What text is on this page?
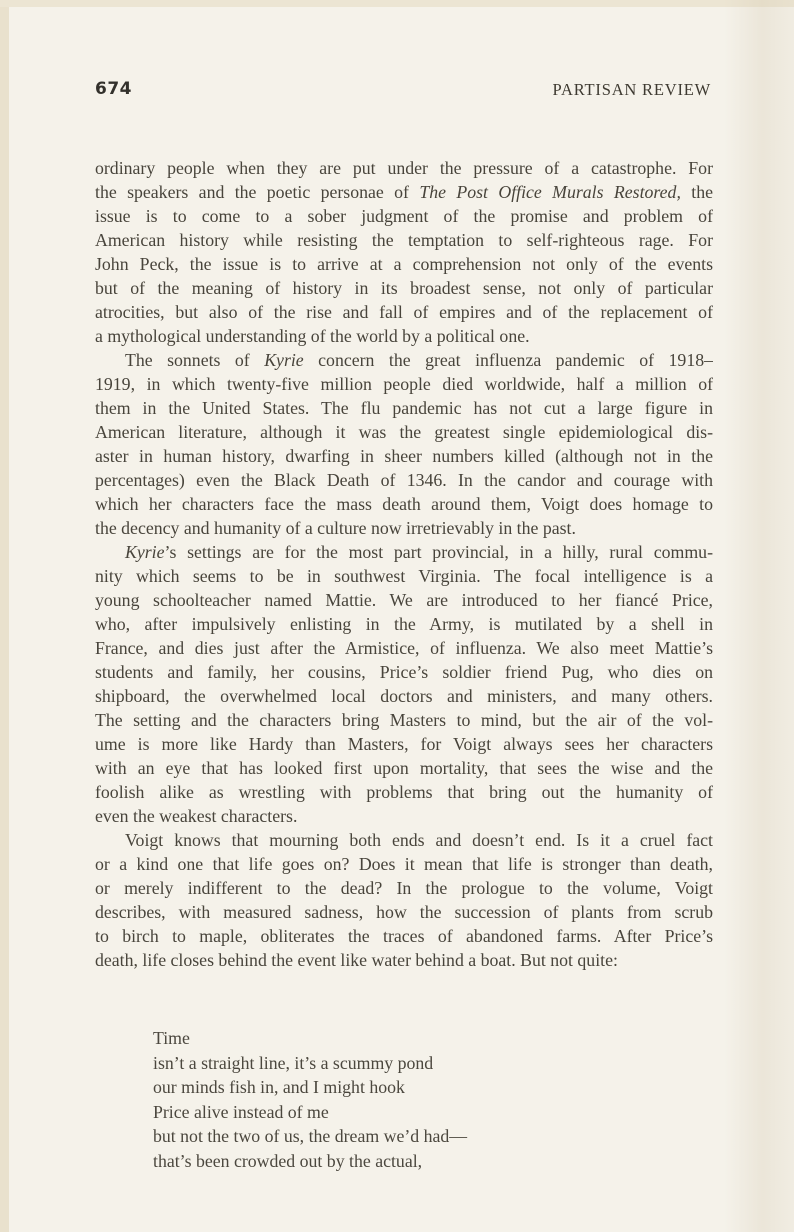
674	PARTISAN REVIEW
ordinary people when they are put under the pressure of a catastrophe. For
the speakers and the poetic personae of The Post Office Murals Restored, the
issue is to come to a sober judgment of the promise and problem of
American history while resisting the temptation to self-righteous rage. For
John Peck, the issue is to arrive at a comprehension not only of the events
but of the meaning of history in its broadest sense, not only of particular
atrocities, but also of the rise and fall of empires and of the replacement of
a mythological understanding of the world by a political one.
The sonnets of Kyrie concern the great influenza pandemic of 1918–
1919, in which twenty-five million people died worldwide, half a million of
them in the United States. The flu pandemic has not cut a large figure in
American literature, although it was the greatest single epidemiological dis-
aster in human history, dwarfing in sheer numbers killed (although not in the
percentages) even the Black Death of 1346. In the candor and courage with
which her characters face the mass death around them, Voigt does homage to
the decency and humanity of a culture now irretrievably in the past.
Kyrie’s settings are for the most part provincial, in a hilly, rural commu-
nity which seems to be in southwest Virginia. The focal intelligence is a
young schoolteacher named Mattie. We are introduced to her fiancé Price,
who, after impulsively enlisting in the Army, is mutilated by a shell in
France, and dies just after the Armistice, of influenza. We also meet Mattie’s
students and family, her cousins, Price’s soldier friend Pug, who dies on
shipboard, the overwhelmed local doctors and ministers, and many others.
The setting and the characters bring Masters to mind, but the air of the vol-
ume is more like Hardy than Masters, for Voigt always sees her characters
with an eye that has looked first upon mortality, that sees the wise and the
foolish alike as wrestling with problems that bring out the humanity of
even the weakest characters.
Voigt knows that mourning both ends and doesn’t end. Is it a cruel fact
or a kind one that life goes on? Does it mean that life is stronger than death,
or merely indifferent to the dead? In the prologue to the volume, Voigt
describes, with measured sadness, how the succession of plants from scrub
to birch to maple, obliterates the traces of abandoned farms. After Price’s
death, life closes behind the event like water behind a boat. But not quite:
Time
isn’t a straight line, it’s a scummy pond
our minds fish in, and I might hook
Price alive instead of me
but not the two of us, the dream we’d had—
that’s been crowded out by the actual,
